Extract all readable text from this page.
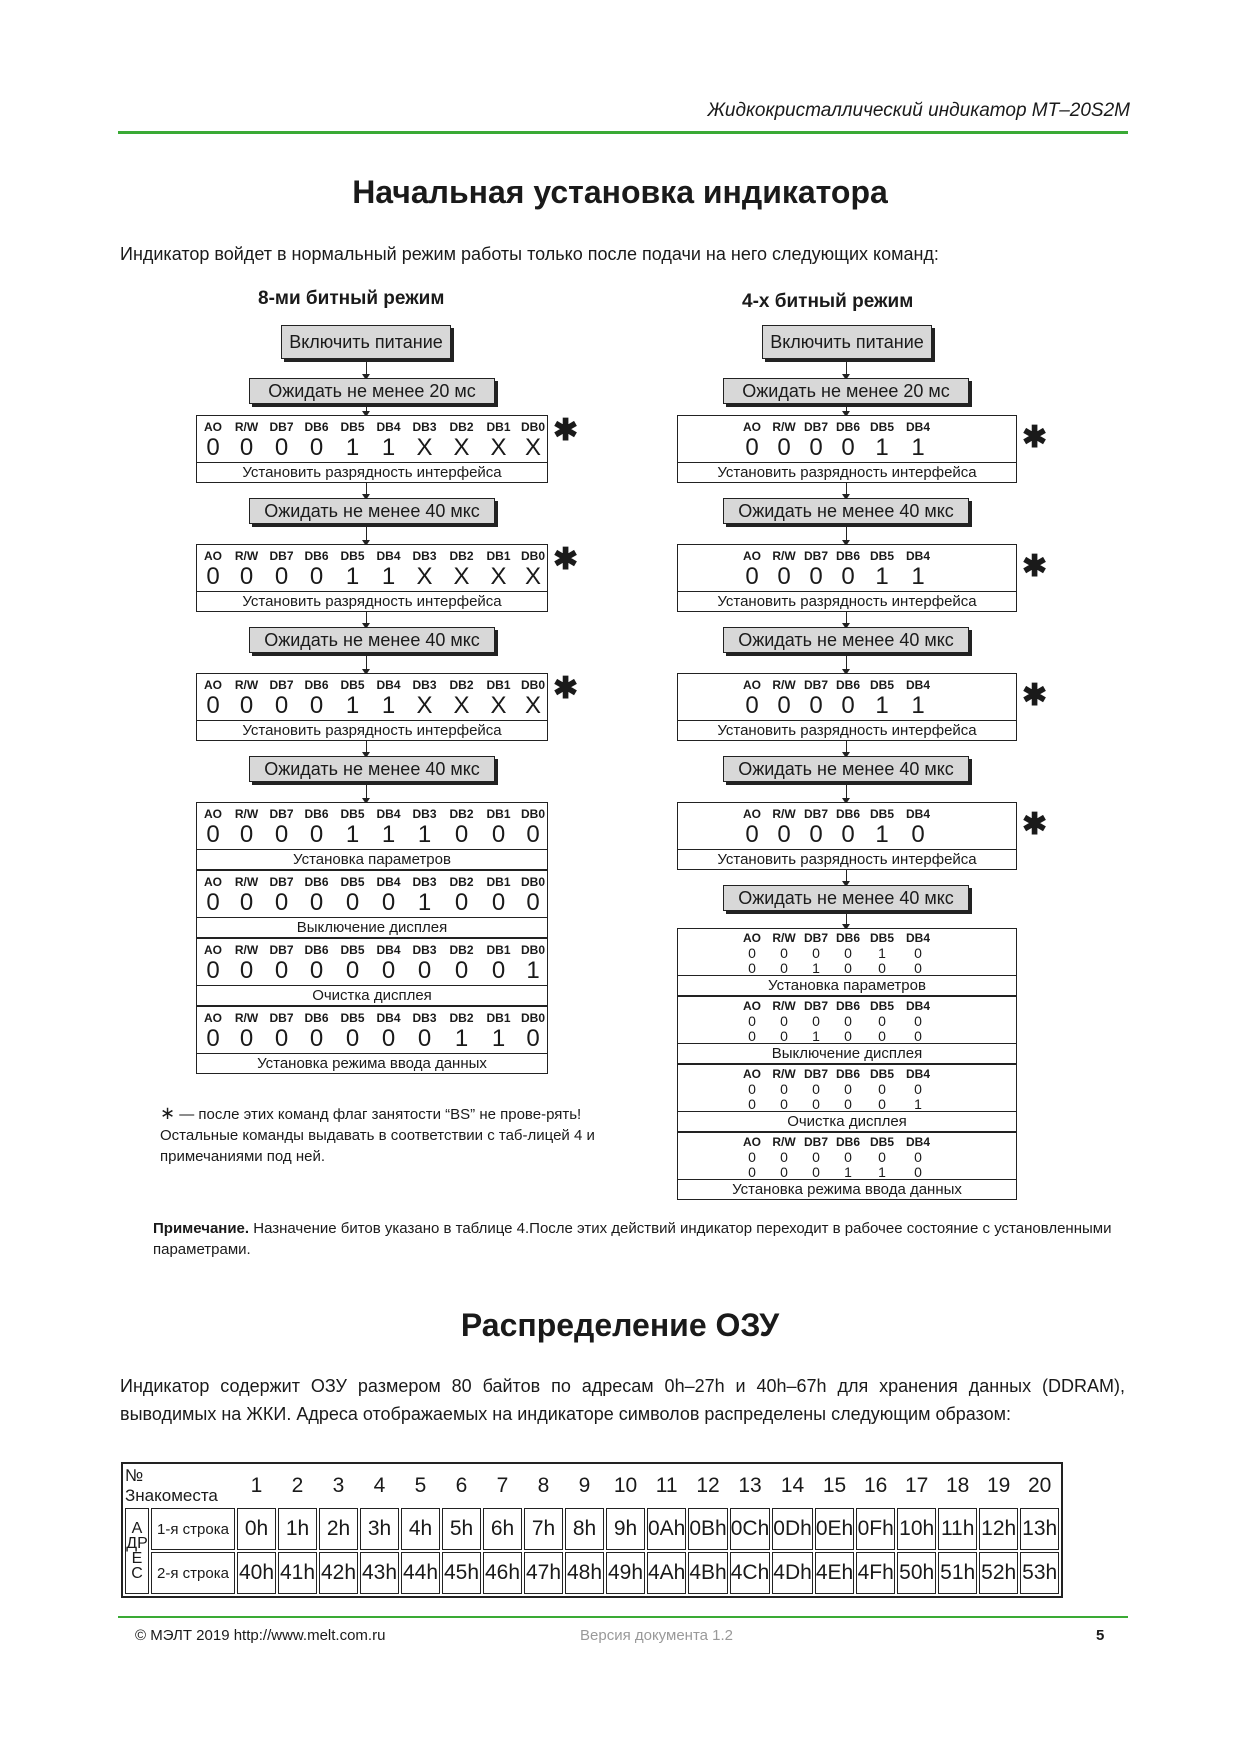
Жидкокристаллический индикатор МТ–20S2M
Начальная установка индикатора
Индикатор войдет в нормальный режим работы только после подачи на него следующих команд:
8-ми битный режим	4-х битный режим
Включить питание
Ожидать не менее 20 мс
AO	R/W DB7 DB6 DB5 DB4 DB3	DB2	DB1 DB0
0 0 0 0 1 1 X X X X
Установить разрядность интерфейса
✱
Ожидать не менее 40 мкс
AO	R/W DB7 DB6 DB5 DB4 DB3	DB2	DB1 DB0
0 0 0 0 1 1 X X X X
Установить разрядность интерфейса
✱
Ожидать не менее 40 мкс
AO	R/W DB7 DB6 DB5 DB4 DB3	DB2	DB1 DB0
0 0 0 0 1 1 X X X X
Установить разрядность интерфейса
✱
Ожидать не менее 40 мкс
AO	R/W DB7 DB6 DB5 DB4 DB3	DB2	DB1 DB0
0 0 0 0 1 1 1 0 0 0
Установка параметров
AO	R/W DB7 DB6 DB5 DB4 DB3	DB2	DB1 DB0
0 0 0 0 0 0 1 0 0 0
Выключение дисплея
AO	R/W DB7 DB6 DB5 DB4 DB3	DB2	DB1 DB0
0 0 0 0 0 0 0 0 0 1
Очистка дисплея
AO	R/W DB7 DB6 DB5 DB4 DB3	DB2	DB1 DB0
0 0 0 0 0 0 0 1 1 0
Установка режима ввода данных
Включить питание
Ожидать не менее 20 мс
AO R/W DB7 DB6 DB5 DB4
0 0 0 0 1 1
Установить разрядность интерфейса
✱
Ожидать не менее 40 мкс
AO R/W DB7 DB6 DB5 DB4
0 0 0 0 1 1
Установить разрядность интерфейса
✱
Ожидать не менее 40 мкс
AO R/W DB7 DB6 DB5 DB4
0 0 0 0 1 1
Установить разрядность интерфейса
✱
Ожидать не менее 40 мкс
AO R/W DB7 DB6 DB5 DB4
0 0 0 0 1 0
Установить разрядность интерфейса
✱
Ожидать не менее 40 мкс
AO R/W DB7 DB6 DB5 DB4
0	0	0	0	1	0
0	0	1	0	0	0
Установка параметров
AO R/W DB7 DB6 DB5 DB4
0	0	0	0	0	0
0	0	1	0	0	0
Выключение дисплея
AO R/W DB7 DB6 DB5 DB4
0	0	0	0	0	0
0	0	0	0	0	1
Очистка дисплея
AO R/W DB7 DB6 DB5 DB4
0	0	0	0	0	0
0	0	0	1	1	0
Установка режима ввода данных
∗ — после этих команд флаг занятости “BS” не прове-рять! Остальные команды выдавать в соответствии с таб-лицей 4 и примечаниями под ней.
Примечание. Назначение битов указано в таблице 4.После этих действий индикатор переходит в рабочее состояние с установленными параметрами.
Распределение ОЗУ
Индикатор содержит ОЗУ размером 80 байтов по адресам 0h–27h и 40h–67h для хранения данных (DDRAM), выводимых на ЖКИ. Адреса отображаемых на индикаторе символов распределены следующим образом:
№ Знакоместа		1	2	3	4	5	6	7	8	9	10	11	12	13	14	15	16	17	18	19	20
АДРЕС	1-я строка	0h	1h	2h	3h	4h	5h	6h	7h	8h	9h	0Ah	0Bh	0Ch	0Dh	0Eh	0Fh	10h	11h	12h	13h
	2-я строка	40h	41h	42h	43h	44h	45h	46h	47h	48h	49h	4Ah	4Bh	4Ch	4Dh	4Eh	4Fh	50h	51h	52h	53h
© МЭЛТ 2019 http://www.melt.com.ru	Версия документа 1.2	5
